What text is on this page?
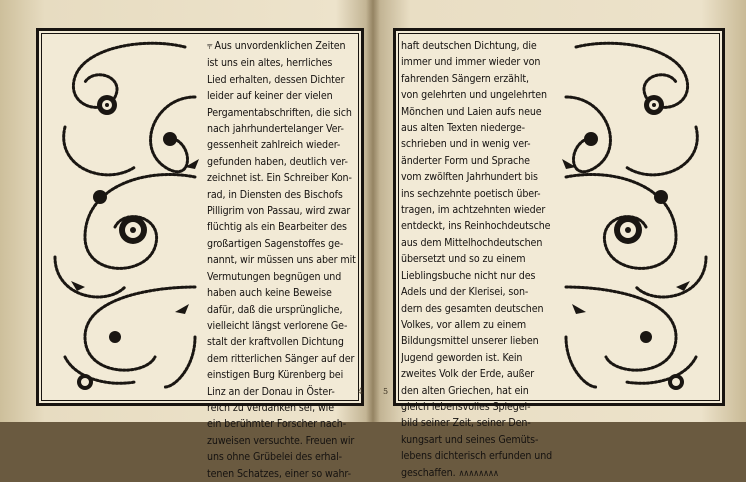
⫧ Aus unvordenklichen Zeiten
ist uns ein altes, herrliches
Lied erhalten, dessen Dichter
leider auf keiner der vielen
Pergamentabschriften, die sich
nach jahrhundertelanger Ver-
gessenheit zahlreich wieder-
gefunden haben, deutlich ver-
zeichnet ist. Ein Schreiber Kon-
rad, in Diensten des Bischofs
Pilligrim von Passau, wird zwar
flüchtig als ein Bearbeiter des
großartigen Sagenstoffes ge-
nannt, wir müssen uns aber mit
Vermutungen begnügen und
haben auch keine Beweise
dafür, daß die ursprüngliche,
vielleicht längst verlorene Ge-
stalt der kraftvollen Dichtung
dem ritterlichen Sänger auf der
einstigen Burg Kürenberg bei
Linz an der Donau in Öster-
reich zu verdanken sei, wie
ein berühmter Forscher nach-
zuweisen versuchte. Freuen wir
uns ohne Grübelei des erhal-
tenen Schatzes, einer so wahr-
4
haft deutschen Dichtung, die
immer und immer wieder von
fahrenden Sängern erzählt,
von gelehrten und ungelehrten
Mönchen und Laien aufs neue
aus alten Texten niederge-
schrieben und in wenig ver-
änderter Form und Sprache
vom zwölften Jahrhundert bis
ins sechzehnte poetisch über-
tragen, im achtzehnten wieder
entdeckt, ins Reinhochdeutsche
aus dem Mittelhochdeutschen
übersetzt und so zu einem
Lieblingsbuche nicht nur des
Adels und der Klerisei, son-
dern des gesamten deutschen
Volkes, vor allem zu einem
Bildungsmittel unserer lieben
Jugend geworden ist. Kein
zweites Volk der Erde, außer
den alten Griechen, hat ein
gleich lebensvolles Spiegel-
bild seiner Zeit, seiner Den-
kungsart und seines Gemüts-
lebens dichterisch erfunden und
geschaffen. ∧∧∧∧∧∧∧∧
5
